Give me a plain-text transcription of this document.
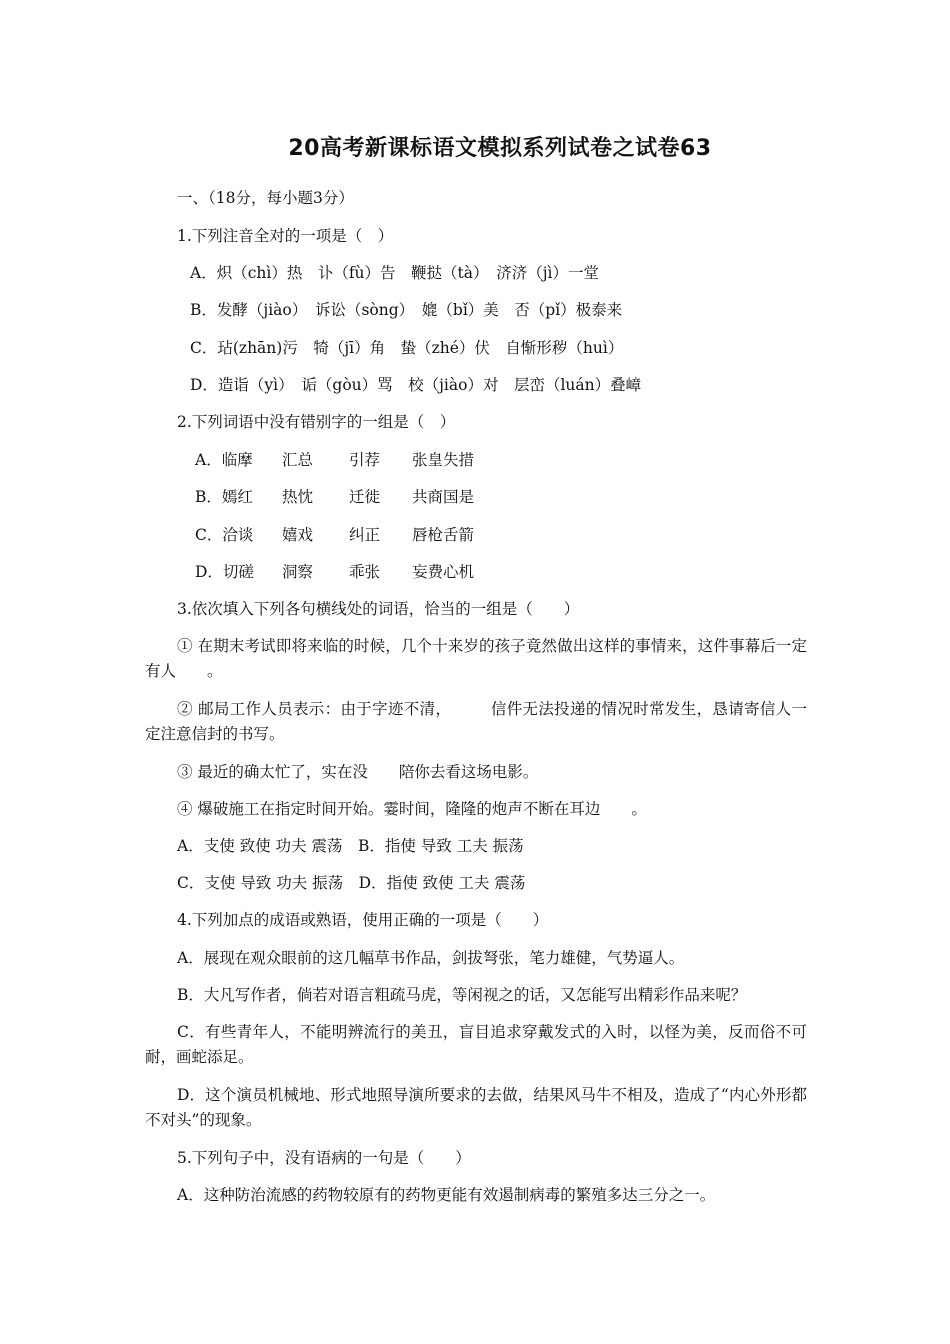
20高考新课标语文模拟系列试卷之试卷63
一、（18分，每小题3分）
1.下列注音全对的一项是（　）
A．炽（chì）热　讣（fù）告　鞭挞（tà）　济济（jì）一堂
B．发酵（jiào）　诉讼（sòng）　媲（bǐ）美　否（pǐ）极泰来
C．玷(zhān)污　犄（jī）角　蛰（zhé）伏　自惭形秽（huì）
D．造诣（yì）　诟（gòu）骂　校（jiào）对　层峦（luán）叠嶂
2.下列词语中没有错别字的一组是（　）
A．临摩 汇总 引荐 张皇失措
B．嫣红 热忱 迁徙 共商国是
C．洽谈 嬉戏 纠正 唇枪舌箭
D．切磋 洞察 乖张 妄费心机
3.依次填入下列各句横线处的词语，恰当的一组是（　　）
① 在期末考试即将来临的时候，几个十来岁的孩子竟然做出这样的事情来，这件事幕后一定有人　　。
② 邮局工作人员表示：由于字迹不清，　　　信件无法投递的情况时常发生，恳请寄信人一定注意信封的书写。
③ 最近的确太忙了，实在没　　陪你去看这场电影。
④ 爆破施工在指定时间开始。霎时间，隆隆的炮声不断在耳边　　。
A．支使 致使 功夫 震荡　B．指使 导致 工夫 振荡
C．支使 导致 功夫 振荡　D．指使 致使 工夫 震荡
4.下列加点的成语或熟语，使用正确的一项是（　　）
A．展现在观众眼前的这几幅草书作品，剑拔弩张，笔力雄健，气势逼人。
B．大凡写作者，倘若对语言粗疏马虎，等闲视之的话，又怎能写出精彩作品来呢？
C．有些青年人，不能明辨流行的美丑，盲目追求穿戴发式的入时，以怪为美，反而俗不可耐，画蛇添足。
D．这个演员机械地、形式地照导演所要求的去做，结果风马牛不相及，造成了“内心外形都不对头”的现象。
5.下列句子中，没有语病的一句是（　　）
A．这种防治流感的药物较原有的药物更能有效遏制病毒的繁殖多达三分之一。
